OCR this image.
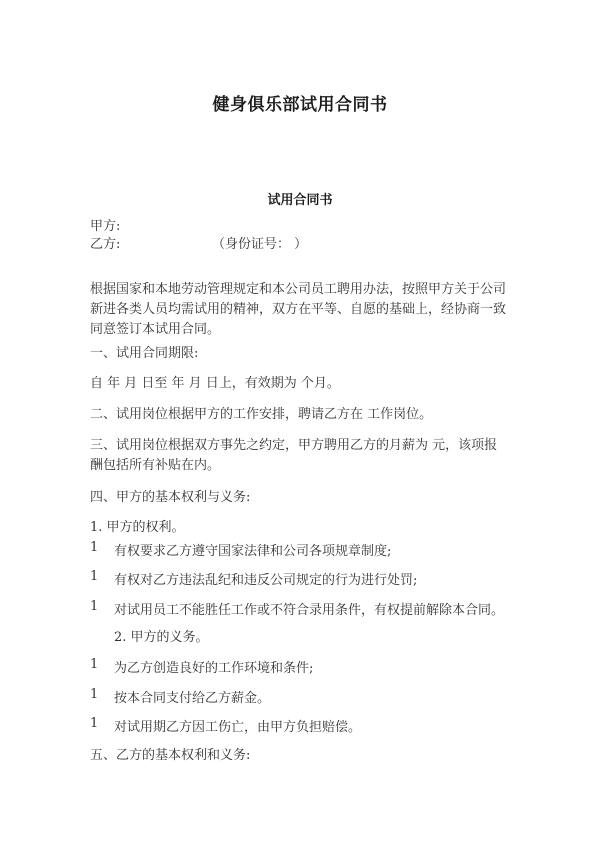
健身俱乐部试用合同书
试用合同书
甲方:
乙方:	（身份证号： ）
根据国家和本地劳动管理规定和本公司员工聘用办法，按照甲方关于公司新进各类人员均需试用的精神，双方在平等、自愿的基础上，经协商一致同意签订本试用合同。
一、试用合同期限:
自 年 月 日至 年 月 日上，有效期为 个月。
二、试用岗位根据甲方的工作安排，聘请乙方在 工作岗位。
三、试用岗位根据双方事先之约定，甲方聘用乙方的月薪为 元，该项报酬包括所有补贴在内。
四、甲方的基本权利与义务:
1. 甲方的权利。
1 有权要求乙方遵守国家法律和公司各项规章制度;
1 有权对乙方违法乱纪和违反公司规定的行为进行处罚;
1 对试用员工不能胜任工作或不符合录用条件，有权提前解除本合同。
2. 甲方的义务。
1 为乙方创造良好的工作环境和条件;
1 按本合同支付给乙方薪金。
1 对试用期乙方因工伤亡，由甲方负担赔偿。
五、乙方的基本权利和义务:
